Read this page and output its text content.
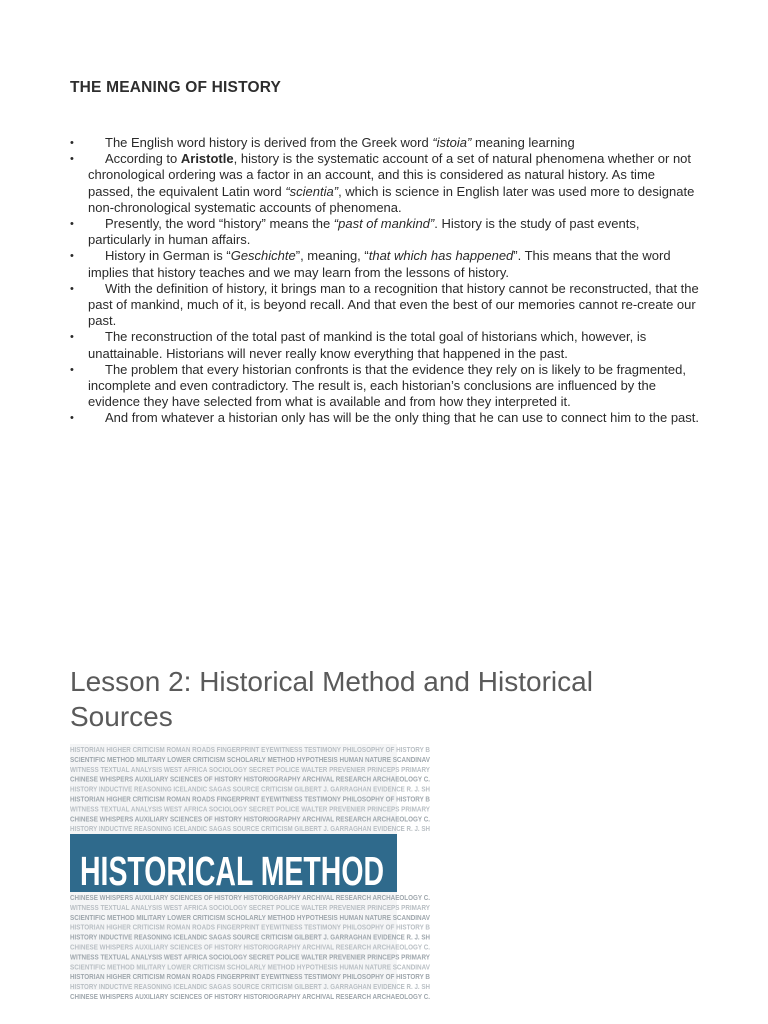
THE MEANING OF HISTORY
•	The English word history is derived from the Greek word “istoia” meaning learning
•	According to Aristotle, history is the systematic account of a set of natural phenomena whether or not chronological ordering was a factor in an account, and this is considered as natural history. As time passed, the equivalent Latin word “scientia”, which is science in English later was used more to designate non-chronological systematic accounts of phenomena.
•	Presently, the word “history” means the “past of mankind”. History is the study of past events, particularly in human affairs.
•	History in German is “Geschichte”, meaning, “that which has happened”. This means that the word implies that history teaches and we may learn from the lessons of history.
•	With the definition of history, it brings man to a recognition that history cannot be reconstructed, that the past of mankind, much of it, is beyond recall. And that even the best of our memories cannot re-create our past.
•	The reconstruction of the total past of mankind is the total goal of historians which, however, is unattainable. Historians will never really know everything that happened in the past.
•	The problem that every historian confronts is that the evidence they rely on is likely to be fragmented, incomplete and even contradictory. The result is, each historian’s conclusions are influenced by the evidence they have selected from what is available and from how they interpreted it.
•	And from whatever a historian only has will be the only thing that he can use to connect him to the past.
Lesson 2: Historical Method and Historical Sources
HISTORIAN HIGHER CRITICISM ROMAN ROADS FINGERPRINT EYEWITNESS TESTIMONY PHILOSOPHY OF HISTORY B
SCIENTIFIC METHOD MILITARY LOWER CRITICISM SCHOLARLY METHOD HYPOTHESIS HUMAN NATURE SCANDINAV
WITNESS TEXTUAL ANALYSIS WEST AFRICA SOCIOLOGY SECRET POLICE WALTER PREVENIER PRINCEPS PRIMARY
CHINESE WHISPERS AUXILIARY SCIENCES OF HISTORY HISTORIOGRAPHY ARCHIVAL RESEARCH ARCHAEOLOGY C.
HISTORY INDUCTIVE REASONING ICELANDIC SAGAS SOURCE CRITICISM GILBERT J. GARRAGHAN EVIDENCE R. J. SH
HISTORIAN HIGHER CRITICISM ROMAN ROADS FINGERPRINT EYEWITNESS TESTIMONY PHILOSOPHY OF HISTORY B
WITNESS TEXTUAL ANALYSIS WEST AFRICA SOCIOLOGY SECRET POLICE WALTER PREVENIER PRINCEPS PRIMARY
CHINESE WHISPERS AUXILIARY SCIENCES OF HISTORY HISTORIOGRAPHY ARCHIVAL RESEARCH ARCHAEOLOGY C.
HISTORY INDUCTIVE REASONING ICELANDIC SAGAS SOURCE CRITICISM GILBERT J. GARRAGHAN EVIDENCE R. J. SH
HISTORICAL METHOD
CHINESE WHISPERS AUXILIARY SCIENCES OF HISTORY HISTORIOGRAPHY ARCHIVAL RESEARCH ARCHAEOLOGY C.
WITNESS TEXTUAL ANALYSIS WEST AFRICA SOCIOLOGY SECRET POLICE WALTER PREVENIER PRINCEPS PRIMARY
SCIENTIFIC METHOD MILITARY LOWER CRITICISM SCHOLARLY METHOD HYPOTHESIS HUMAN NATURE SCANDINAV
HISTORIAN HIGHER CRITICISM ROMAN ROADS FINGERPRINT EYEWITNESS TESTIMONY PHILOSOPHY OF HISTORY B
HISTORY INDUCTIVE REASONING ICELANDIC SAGAS SOURCE CRITICISM GILBERT J. GARRAGHAN EVIDENCE R. J. SH
CHINESE WHISPERS AUXILIARY SCIENCES OF HISTORY HISTORIOGRAPHY ARCHIVAL RESEARCH ARCHAEOLOGY C.
WITNESS TEXTUAL ANALYSIS WEST AFRICA SOCIOLOGY SECRET POLICE WALTER PREVENIER PRINCEPS PRIMARY
SCIENTIFIC METHOD MILITARY LOWER CRITICISM SCHOLARLY METHOD HYPOTHESIS HUMAN NATURE SCANDINAV
HISTORIAN HIGHER CRITICISM ROMAN ROADS FINGERPRINT EYEWITNESS TESTIMONY PHILOSOPHY OF HISTORY B
HISTORY INDUCTIVE REASONING ICELANDIC SAGAS SOURCE CRITICISM GILBERT J. GARRAGHAN EVIDENCE R. J. SH
CHINESE WHISPERS AUXILIARY SCIENCES OF HISTORY HISTORIOGRAPHY ARCHIVAL RESEARCH ARCHAEOLOGY C.
